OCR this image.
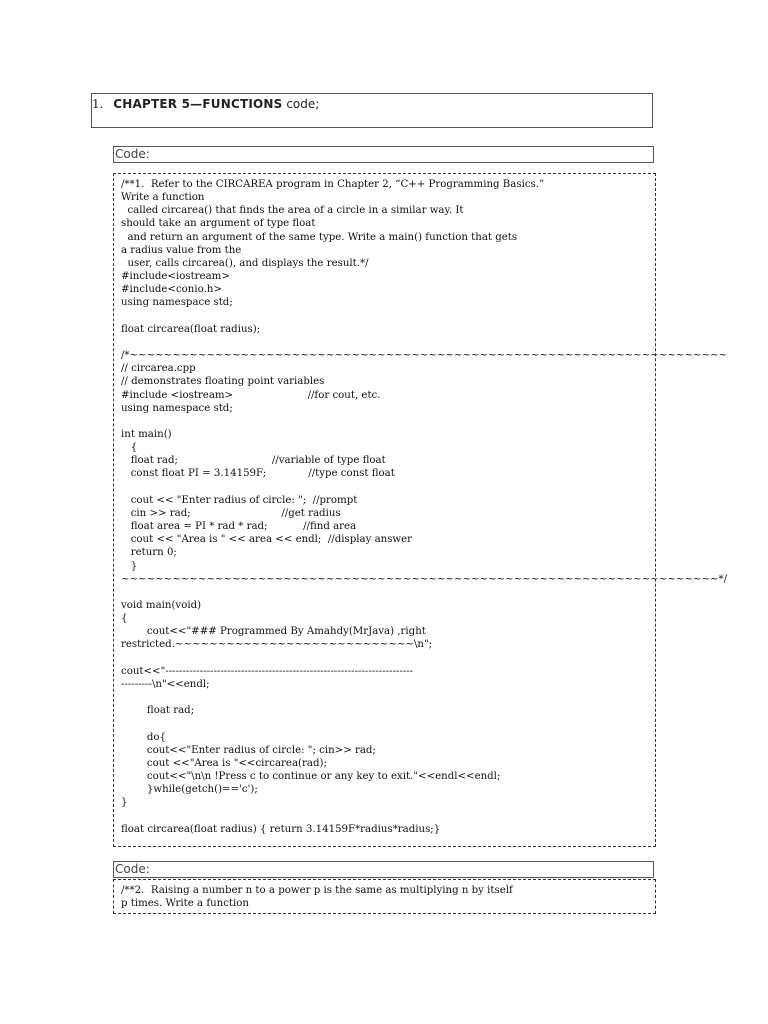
1. CHAPTER 5—FUNCTIONS code;
Code:
/**1.  Refer to the CIRCAREA program in Chapter 2, “C++ Programming Basics.”
Write a function
called circarea() that finds the area of a circle in a similar way. It
should take an argument of type float
and return an argument of the same type. Write a main() function that gets
a radius value from the
user, calls circarea(), and displays the result.*/
#include<iostream>
#include<conio.h>
using namespace std;

float circarea(float radius);

/*~~~~~~~~~~~~~~~~~~~~~~~~~~~~~~~~~~~~~~~~~~~~~~~~~~~~~~~~~~~~~~~~~~~~~~
// circarea.cpp
// demonstrates floating point variables
#include <iostream>                       //for cout, etc.
using namespace std;

int main()
{
float rad;                             //variable of type float
const float PI = 3.14159F;             //type const float

cout << "Enter radius of circle: ";  //prompt
cin >> rad;                            //get radius
float area = PI * rad * rad;           //find area
cout << "Area is " << area << endl;  //display answer
return 0;
}
~~~~~~~~~~~~~~~~~~~~~~~~~~~~~~~~~~~~~~~~~~~~~~~~~~~~~~~~~~~~~~~~~~~~~~*/

void main(void)
{
cout<<"### Programmed By Amahdy(MrJava) ,right
restricted.~~~~~~~~~~~~~~~~~~~~~~~~~~~~\n";

cout<<"------------------------------------------------------------------------
---------\n"<<endl;

float rad;

do{
cout<<"Enter radius of circle: "; cin>> rad;
cout <<"Area is "<<circarea(rad);
cout<<"\n\n !Press c to continue or any key to exit."<<endl<<endl;
}while(getch()=='c');
}

float circarea(float radius) { return 3.14159F*radius*radius;}
Code:
/**2.  Raising a number n to a power p is the same as multiplying n by itself
p times. Write a function
